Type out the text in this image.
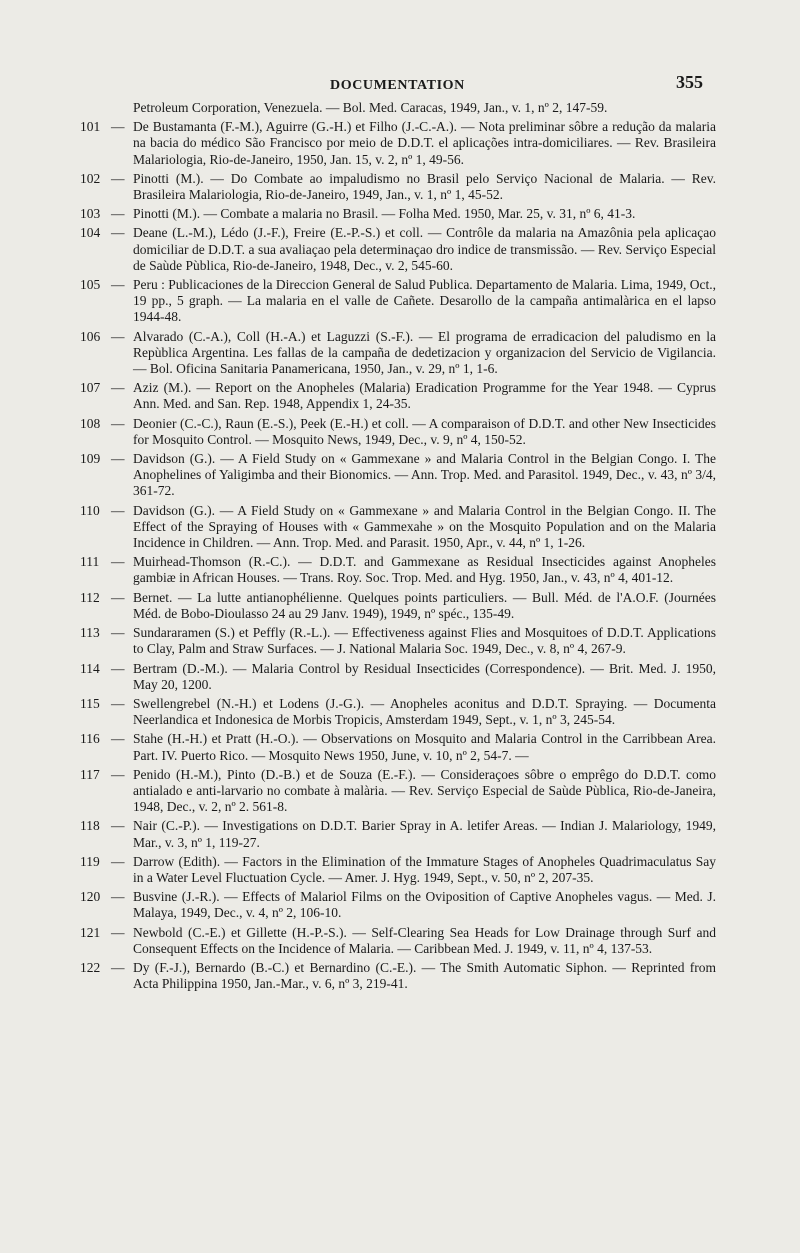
DOCUMENTATION	355
Petroleum Corporation, Venezuela. — Bol. Med. Caracas, 1949, Jan., v. 1, nº 2, 147-59.
101 — De Bustamanta (F.-M.), Aguirre (G.-H.) et Filho (J.-C.-A.). — Nota preliminar sôbre a redução da malaria na bacia do médico São Francisco por meio de D.D.T. el aplicações intra-domiciliares. — Rev. Brasileira Malariologia, Rio-de-Janeiro, 1950, Jan. 15, v. 2, nº 1, 49-56.
102 — Pinotti (M.). — Do Combate ao impaludismo no Brasil pelo Serviço Nacional de Malaria. — Rev. Brasileira Malariologia, Rio-de-Janeiro, 1949, Jan., v. 1, nº 1, 45-52.
103 — Pinotti (M.). — Combate a malaria no Brasil. — Folha Med. 1950, Mar. 25, v. 31, nº 6, 41-3.
104 — Deane (L.-M.), Lédo (J.-F.), Freire (E.-P.-S.) et coll. — Contrôle da malaria na Amazônia pela aplicaçao domiciliar de D.D.T. a sua avaliaçao pela determinaçao dro indice de transmissão. — Rev. Serviço Especial de Saùde Pùblica, Rio-de-Janeiro, 1948, Dec., v. 2, 545-60.
105 — Peru : Publicaciones de la Direccion General de Salud Publica. Departamento de Malaria. Lima, 1949, Oct., 19 pp., 5 graph. — La malaria en el valle de Cañete. Desarollo de la campaña antimalàrica en el lapso 1944-48.
106 — Alvarado (C.-A.), Coll (H.-A.) et Laguzzi (S.-F.). — El programa de erradicacion del paludismo en la Repùblica Argentina. Les fallas de la campaña de dedetizacion y organizacion del Servicio de Vigilancia. — Bol. Oficina Sanitaria Panamericana, 1950, Jan., v. 29, nº 1, 1-6.
107 — Aziz (M.). — Report on the Anopheles (Malaria) Eradication Programme for the Year 1948. — Cyprus Ann. Med. and San. Rep. 1948, Appendix 1, 24-35.
108 — Deonier (C.-C.), Raun (E.-S.), Peek (E.-H.) et coll. — A comparaison of D.D.T. and other New Insecticides for Mosquito Control. — Mosquito News, 1949, Dec., v. 9, nº 4, 150-52.
109 — Davidson (G.). — A Field Study on « Gammexane » and Malaria Control in the Belgian Congo. I. The Anophelines of Yaligimba and their Bionomics. — Ann. Trop. Med. and Parasitol. 1949, Dec., v. 43, nº 3/4, 361-72.
110 — Davidson (G.). — A Field Study on « Gammexane » and Malaria Control in the Belgian Congo. II. The Effect of the Spraying of Houses with « Gammexahe » on the Mosquito Population and on the Malaria Incidence in Children. — Ann. Trop. Med. and Parasit. 1950, Apr., v. 44, nº 1, 1-26.
111 — Muirhead-Thomson (R.-C.). — D.D.T. and Gammexane as Residual Insecticides against Anopheles gambiæ in African Houses. — Trans. Roy. Soc. Trop. Med. and Hyg. 1950, Jan., v. 43, nº 4, 401-12.
112 — Bernet. — La lutte antianophélienne. Quelques points particuliers. — Bull. Méd. de l'A.O.F. (Journées Méd. de Bobo-Dioulasso 24 au 29 Janv. 1949), 1949, nº spéc., 135-49.
113 — Sundararamen (S.) et Peffly (R.-L.). — Effectiveness against Flies and Mosquitoes of D.D.T. Applications to Clay, Palm and Straw Surfaces. — J. National Malaria Soc. 1949, Dec., v. 8, nº 4, 267-9.
114 — Bertram (D.-M.). — Malaria Control by Residual Insecticides (Correspondence). — Brit. Med. J. 1950, May 20, 1200.
115 — Swellengrebel (N.-H.) et Lodens (J.-G.). — Anopheles aconitus and D.D.T. Spraying. — Documenta Neerlandica et Indonesica de Morbis Tropicis, Amsterdam 1949, Sept., v. 1, nº 3, 245-54.
116 — Stahe (H.-H.) et Pratt (H.-O.). — Observations on Mosquito and Malaria Control in the Carribbean Area. Part. IV. Puerto Rico. — Mosquito News 1950, June, v. 10, nº 2, 54-7. —
117 — Penido (H.-M.), Pinto (D.-B.) et de Souza (E.-F.). — Consideraçoes sôbre o emprêgo do D.D.T. como antialado e anti-larvario no combate à malària. — Rev. Serviço Especial de Saùde Pùblica, Rio-de-Janeira, 1948, Dec., v. 2, nº 2. 561-8.
118 — Nair (C.-P.). — Investigations on D.D.T. Barier Spray in A. letifer Areas. — Indian J. Malariology, 1949, Mar., v. 3, nº 1, 119-27.
119 — Darrow (Edith). — Factors in the Elimination of the Immature Stages of Anopheles Quadrimaculatus Say in a Water Level Fluctuation Cycle. — Amer. J. Hyg. 1949, Sept., v. 50, nº 2, 207-35.
120 — Busvine (J.-R.). — Effects of Malariol Films on the Oviposition of Captive Anopheles vagus. — Med. J. Malaya, 1949, Dec., v. 4, nº 2, 106-10.
121 — Newbold (C.-E.) et Gillette (H.-P.-S.). — Self-Clearing Sea Heads for Low Drainage through Surf and Consequent Effects on the Incidence of Malaria. — Caribbean Med. J. 1949, v. 11, nº 4, 137-53.
122 — Dy (F.-J.), Bernardo (B.-C.) et Bernardino (C.-E.). — The Smith Automatic Siphon. — Reprinted from Acta Philippina 1950, Jan.-Mar., v. 6, nº 3, 219-41.
